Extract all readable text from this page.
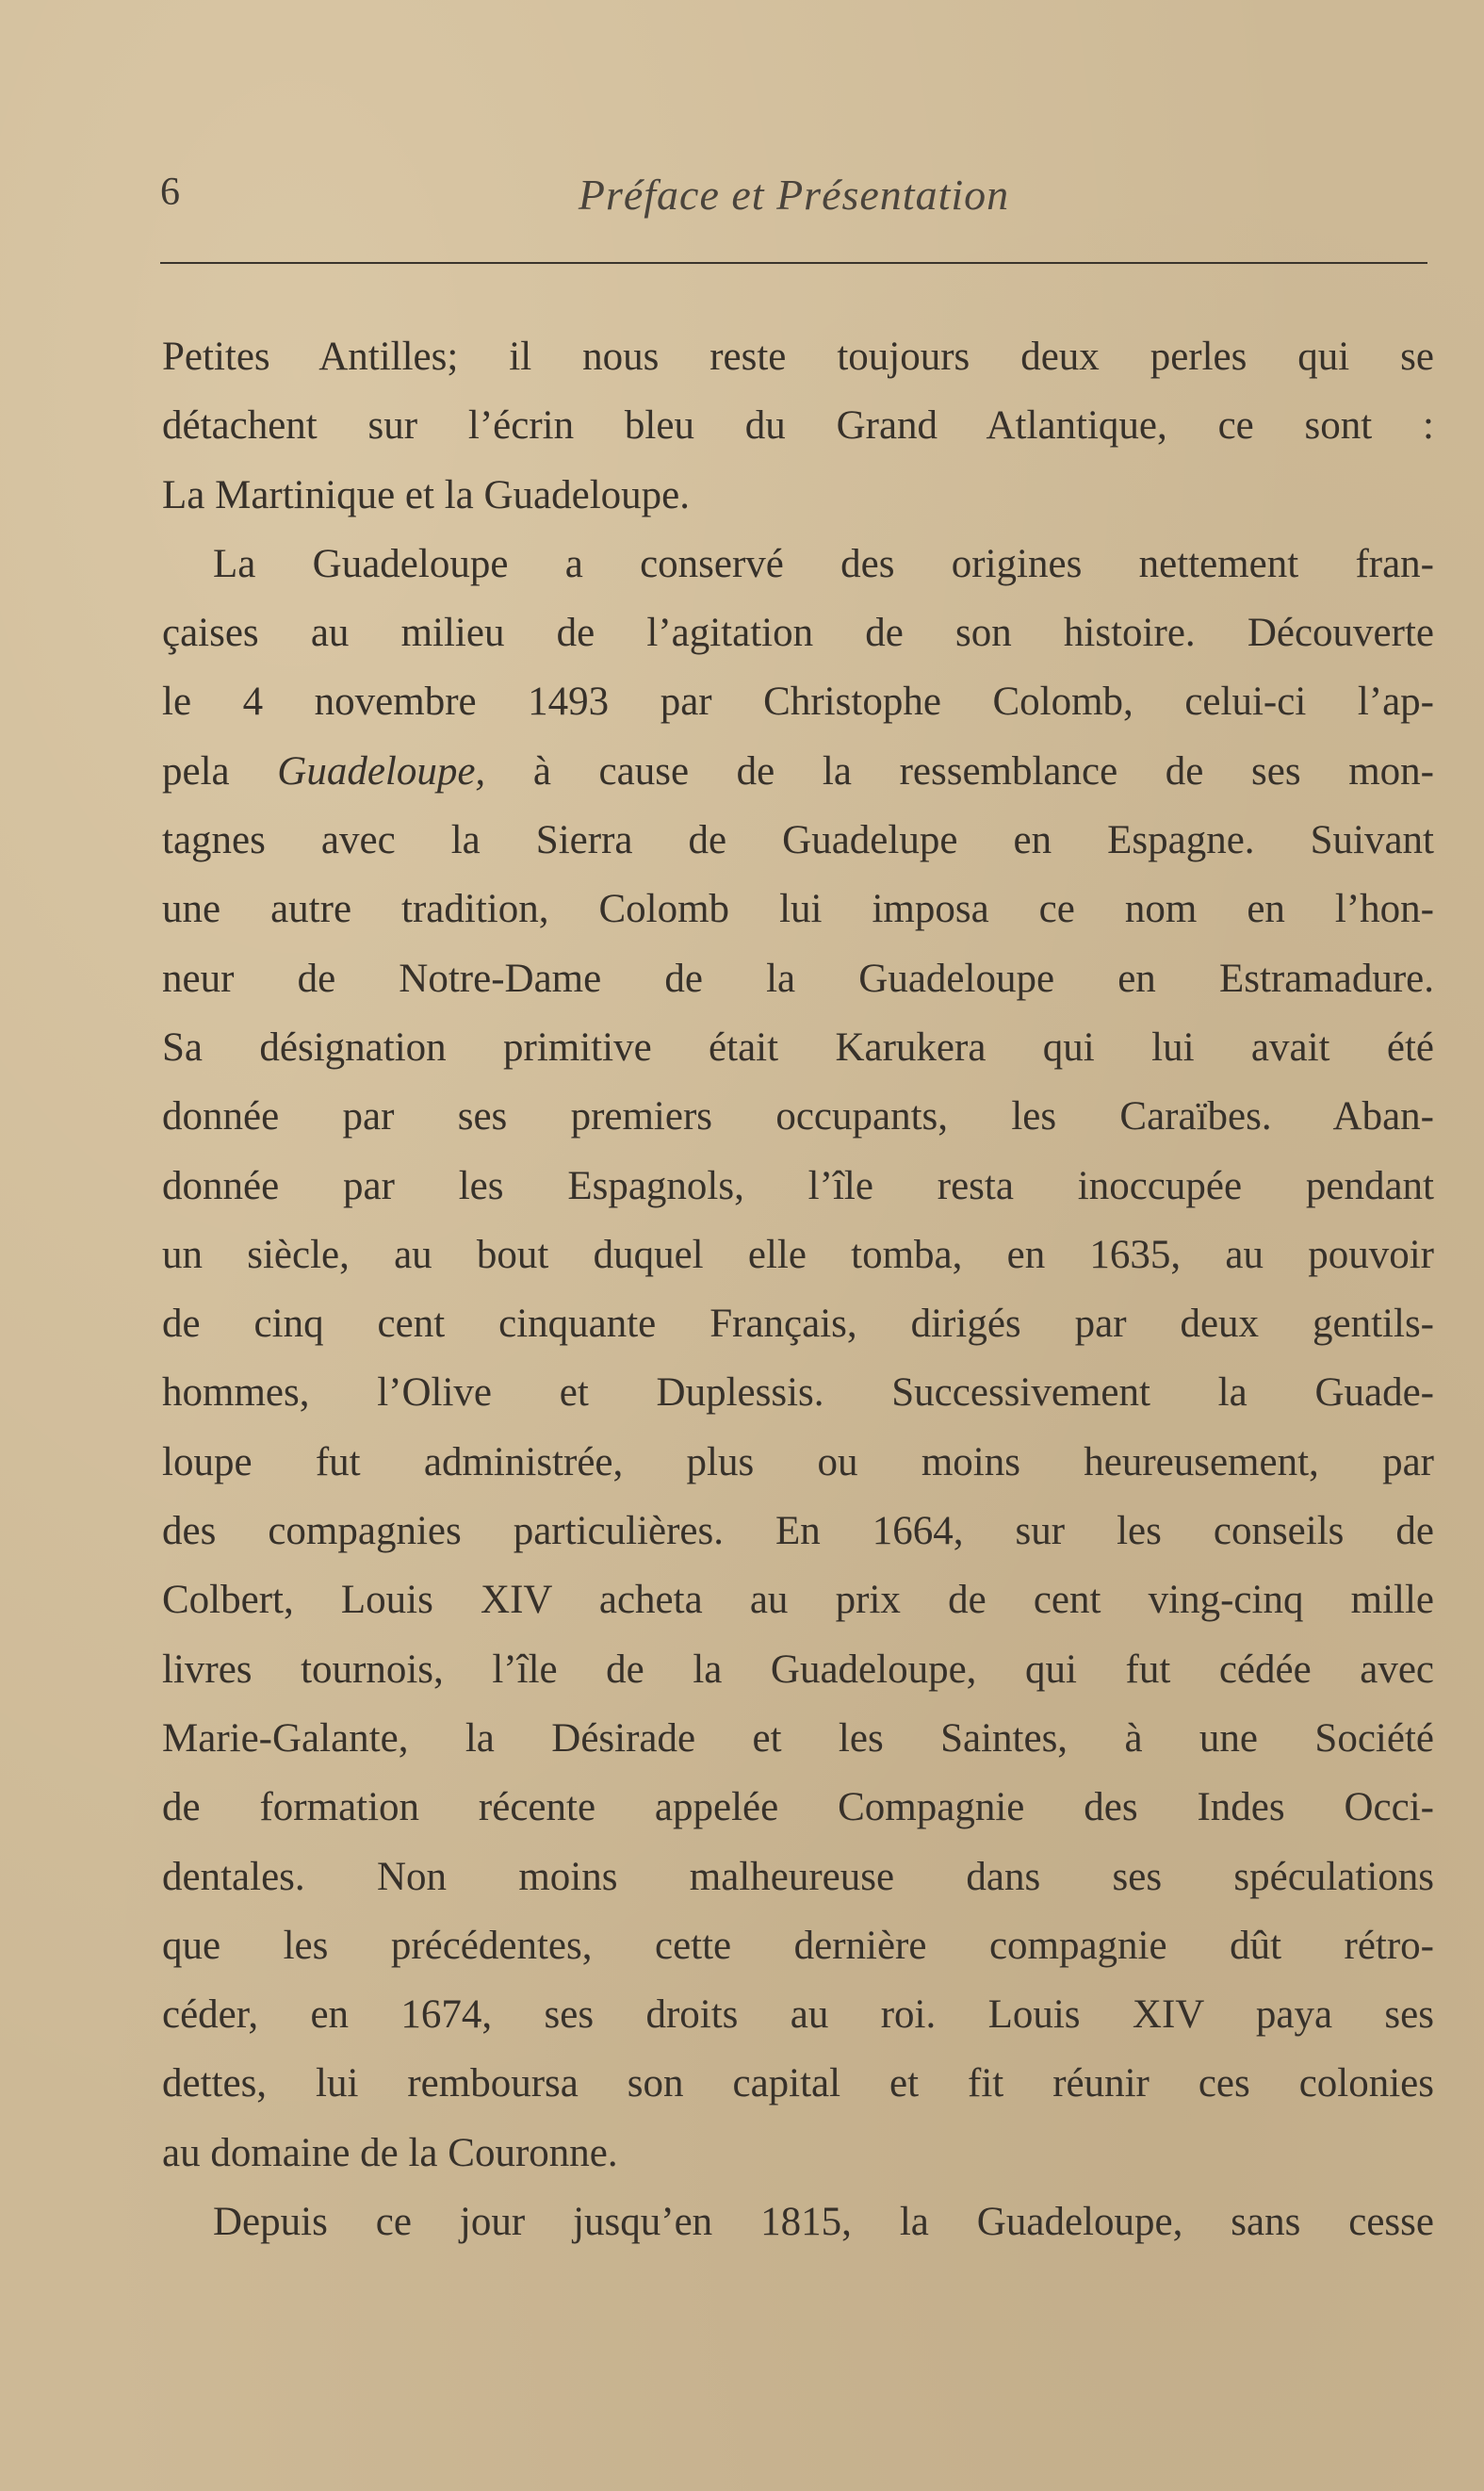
6	Préface et Présentation
Petites Antilles; il nous reste toujours deux perles qui se
détachent sur l’écrin bleu du Grand Atlantique, ce sont :
La Martinique et la Guadeloupe.
La Guadeloupe a conservé des origines nettement fran-
çaises au milieu de l’agitation de son histoire. Découverte
le 4 novembre 1493 par Christophe Colomb, celui-ci l’ap-
pela Guadeloupe, à cause de la ressemblance de ses mon-
tagnes avec la Sierra de Guadelupe en Espagne. Suivant
une autre tradition, Colomb lui imposa ce nom en l’hon-
neur de Notre-Dame de la Guadeloupe en Estramadure.
Sa désignation primitive était Karukera qui lui avait été
donnée par ses premiers occupants, les Caraïbes. Aban-
donnée par les Espagnols, l’île resta inoccupée pendant
un siècle, au bout duquel elle tomba, en 1635, au pouvoir
de cinq cent cinquante Français, dirigés par deux gentils-
hommes, l’Olive et Duplessis. Successivement la Guade-
loupe fut administrée, plus ou moins heureusement, par
des compagnies particulières. En 1664, sur les conseils de
Colbert, Louis XIV acheta au prix de cent ving-cinq mille
livres tournois, l’île de la Guadeloupe, qui fut cédée avec
Marie-Galante, la Désirade et les Saintes, à une Société
de formation récente appelée Compagnie des Indes Occi-
dentales. Non moins malheureuse dans ses spéculations
que les précédentes, cette dernière compagnie dût rétro-
céder, en 1674, ses droits au roi. Louis XIV paya ses
dettes, lui remboursa son capital et fit réunir ces colonies
au domaine de la Couronne.
Depuis ce jour jusqu’en 1815, la Guadeloupe, sans cesse
